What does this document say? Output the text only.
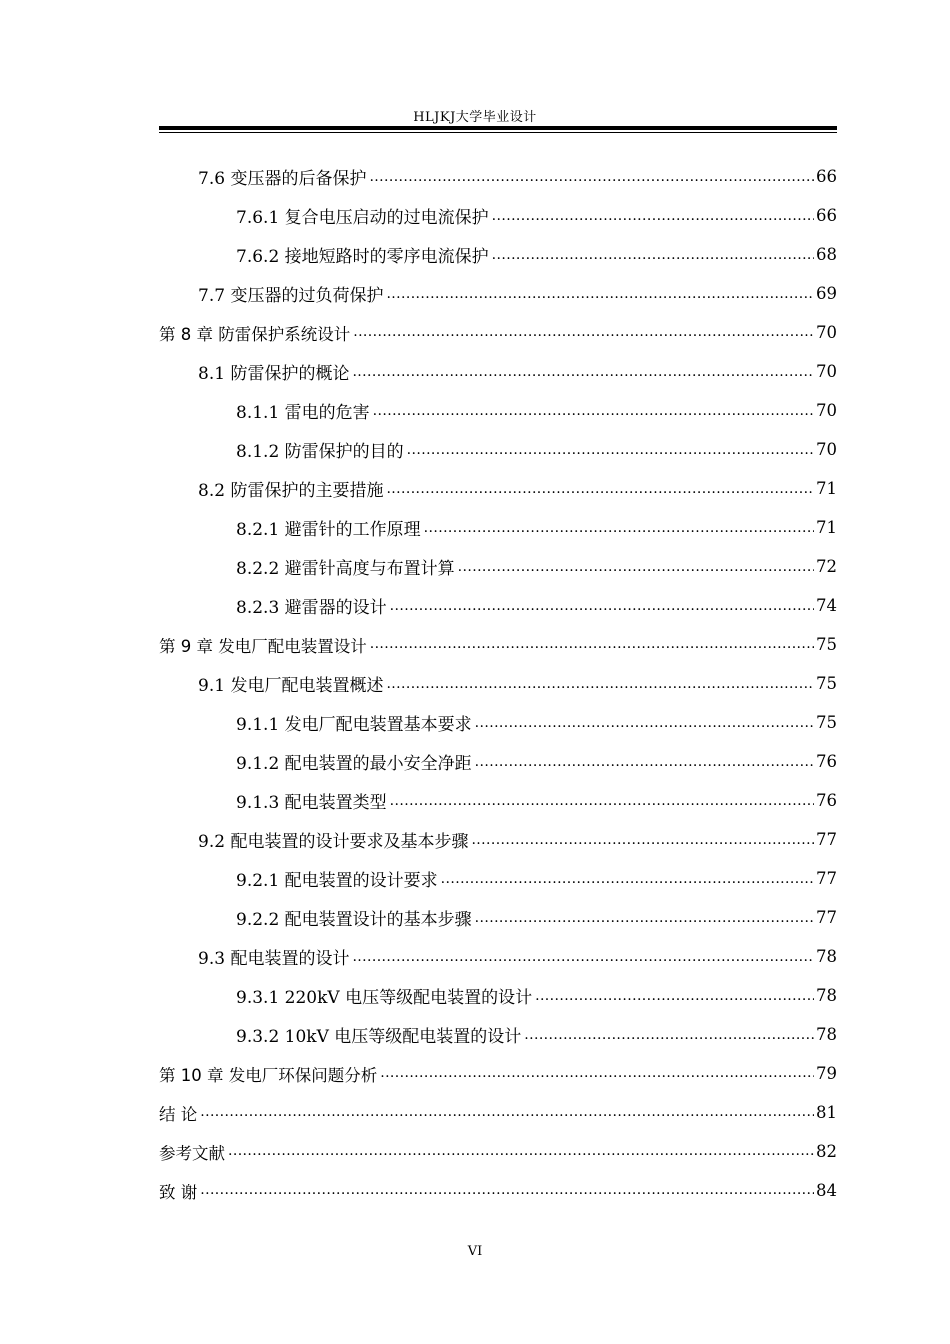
HLJKJ大学毕业设计
7.6 变压器的后备保护 .....	66
7.6.1 复合电压启动的过电流保护 .....	66
7.6.2 接地短路时的零序电流保护 .....	68
7.7 变压器的过负荷保护 .....	69
第 8 章 防雷保护系统设计 .....	70
8.1 防雷保护的概论 .....	70
8.1.1 雷电的危害 .....	70
8.1.2 防雷保护的目的 .....	70
8.2 防雷保护的主要措施 .....	71
8.2.1 避雷针的工作原理 .....	71
8.2.2 避雷针高度与布置计算 .....	72
8.2.3 避雷器的设计 .....	74
第 9 章 发电厂配电装置设计 .....	75
9.1 发电厂配电装置概述 .....	75
9.1.1 发电厂配电装置基本要求 .....	75
9.1.2 配电装置的最小安全净距 .....	76
9.1.3 配电装置类型 .....	76
9.2 配电装置的设计要求及基本步骤 .....	77
9.2.1 配电装置的设计要求 .....	77
9.2.2 配电装置设计的基本步骤 .....	77
9.3 配电装置的设计 .....	78
9.3.1 220kV 电压等级配电装置的设计 .....	78
9.3.2 10kV 电压等级配电装置的设计 .....	78
第 10 章 发电厂环保问题分析 .....	79
结 论 .....	81
参考文献 .....	82
致 谢 .....	84
VI
